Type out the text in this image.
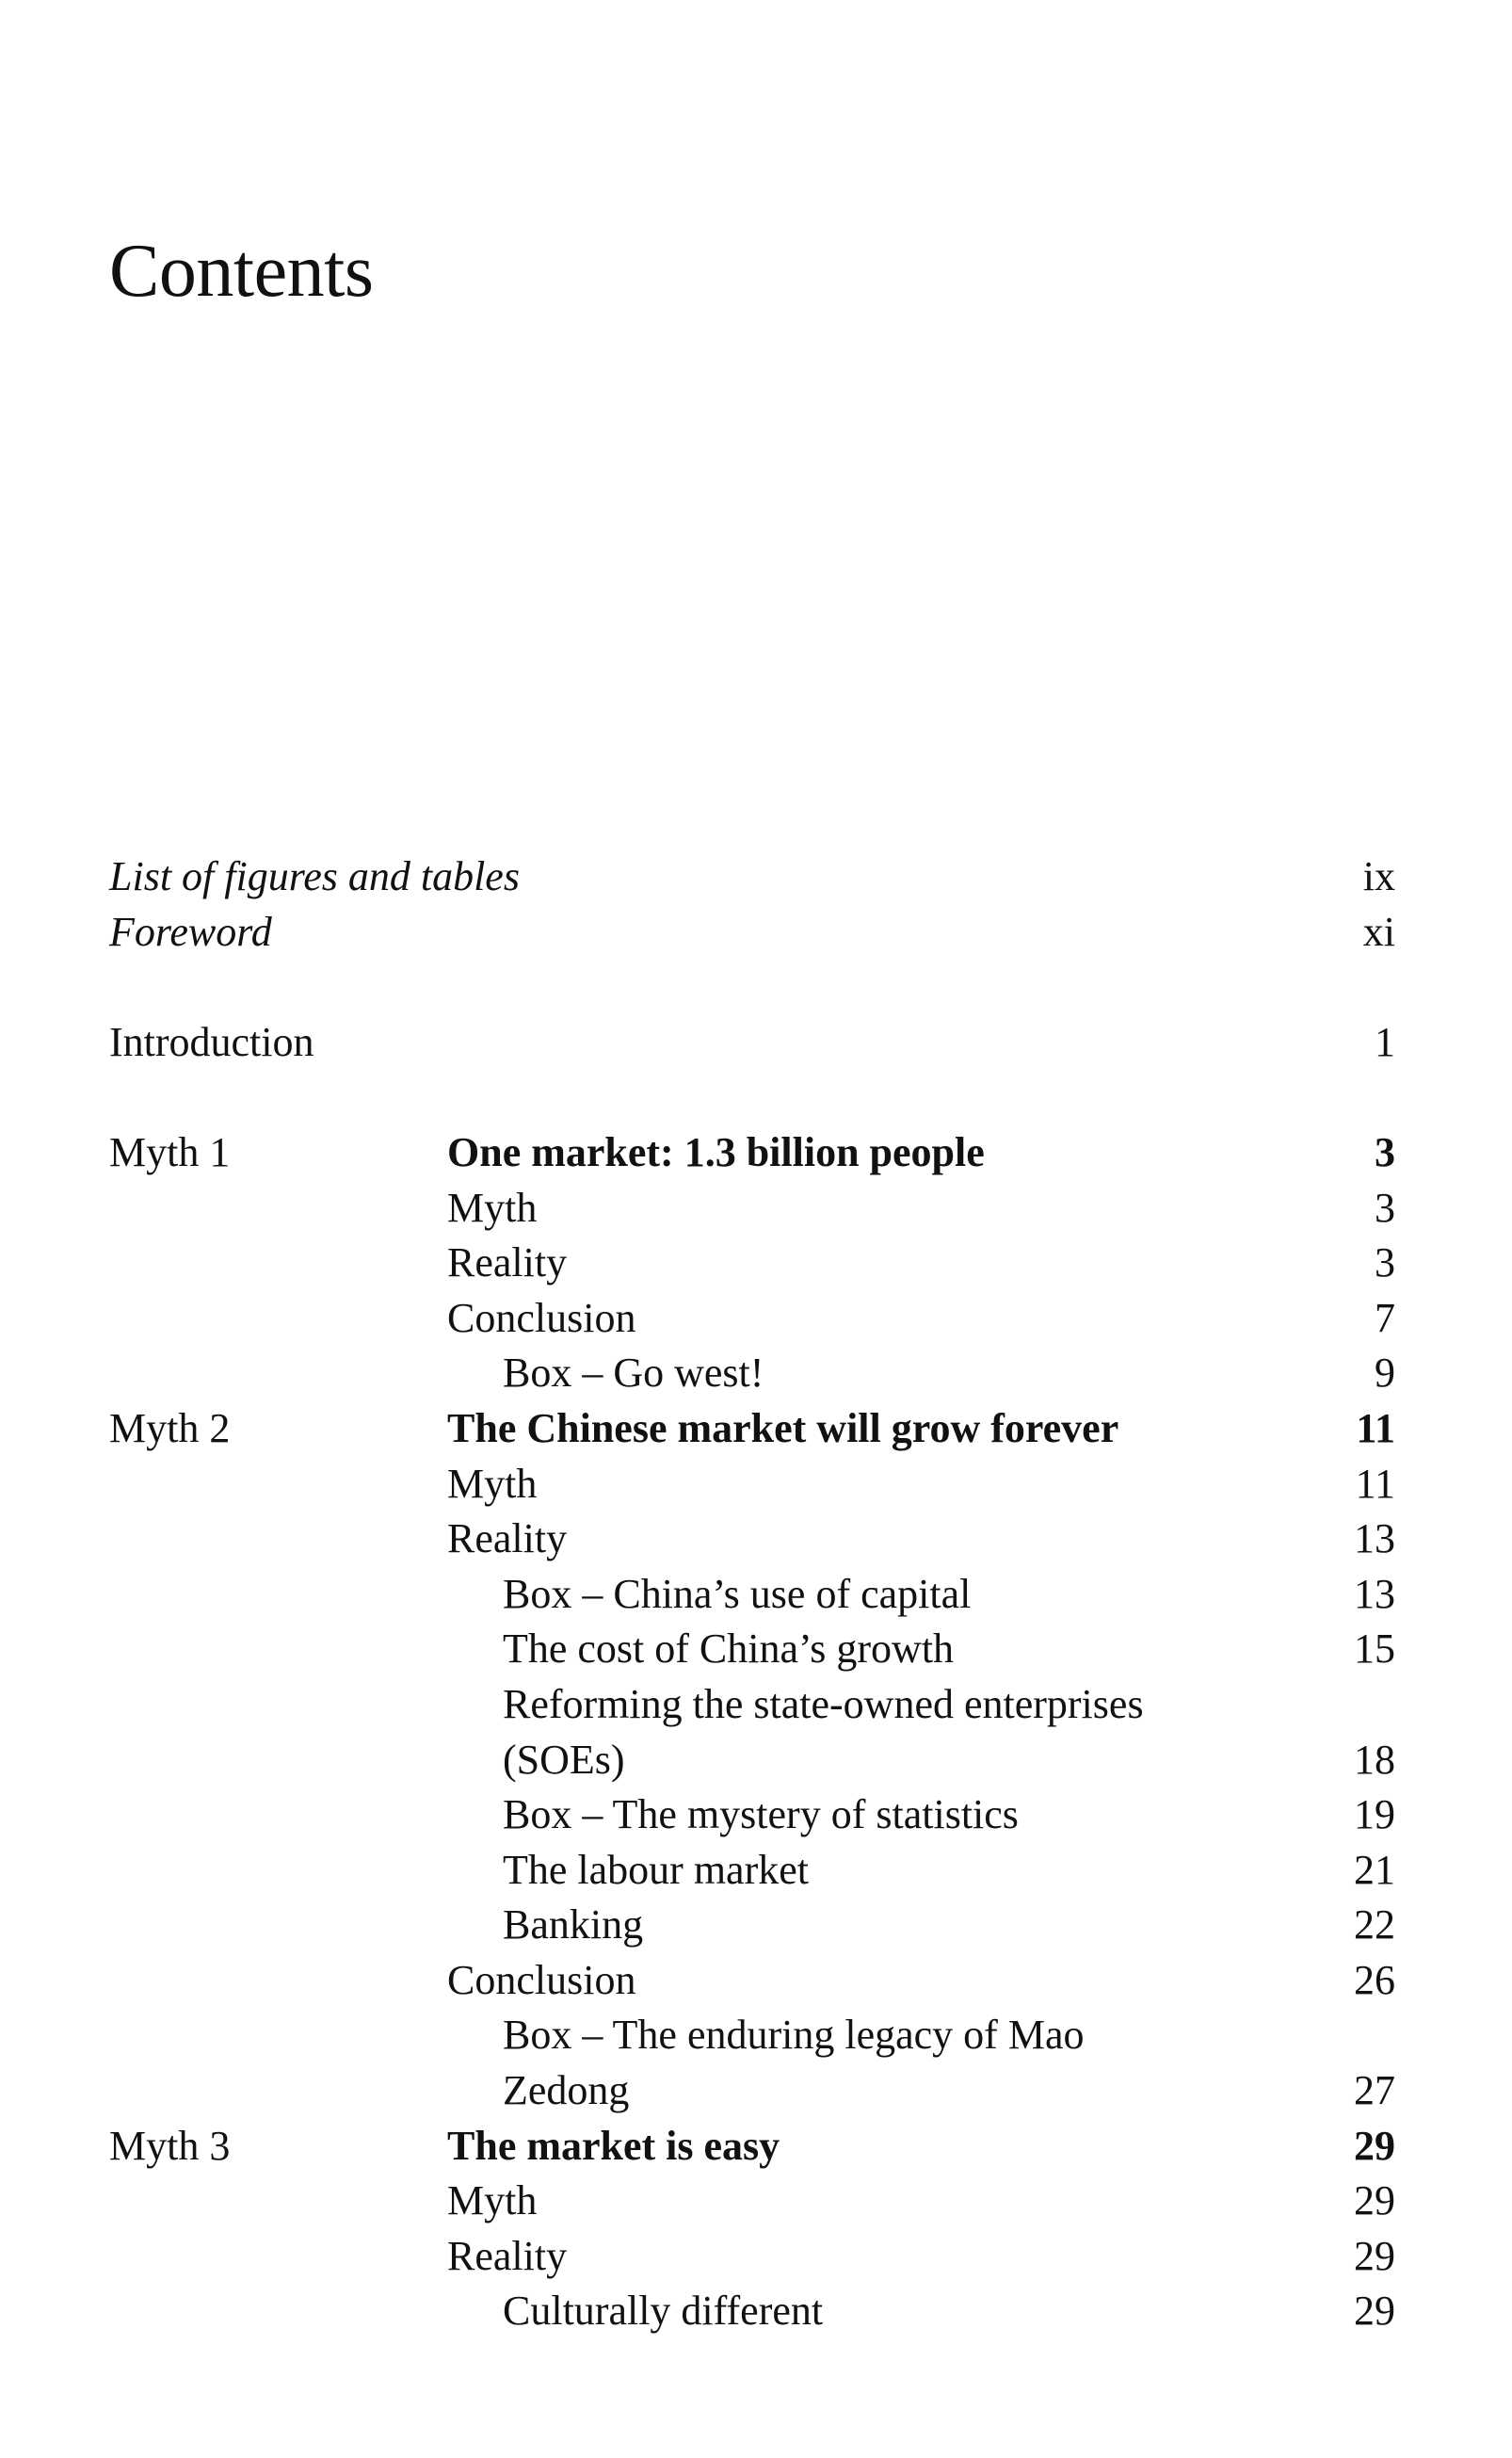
Contents
List of figures and tables	ix
Foreword	xi
Introduction	1
Myth 1	One market: 1.3 billion people	3
Myth	3
Reality	3
Conclusion	7
Box – Go west!	9
Myth 2	The Chinese market will grow forever	11
Myth	11
Reality	13
Box – China’s use of capital	13
The cost of China’s growth	15
Reforming the state-owned enterprises
(SOEs)	18
Box – The mystery of statistics	19
The labour market	21
Banking	22
Conclusion	26
Box – The enduring legacy of Mao
Zedong	27
Myth 3	The market is easy	29
Myth	29
Reality	29
Culturally different	29
